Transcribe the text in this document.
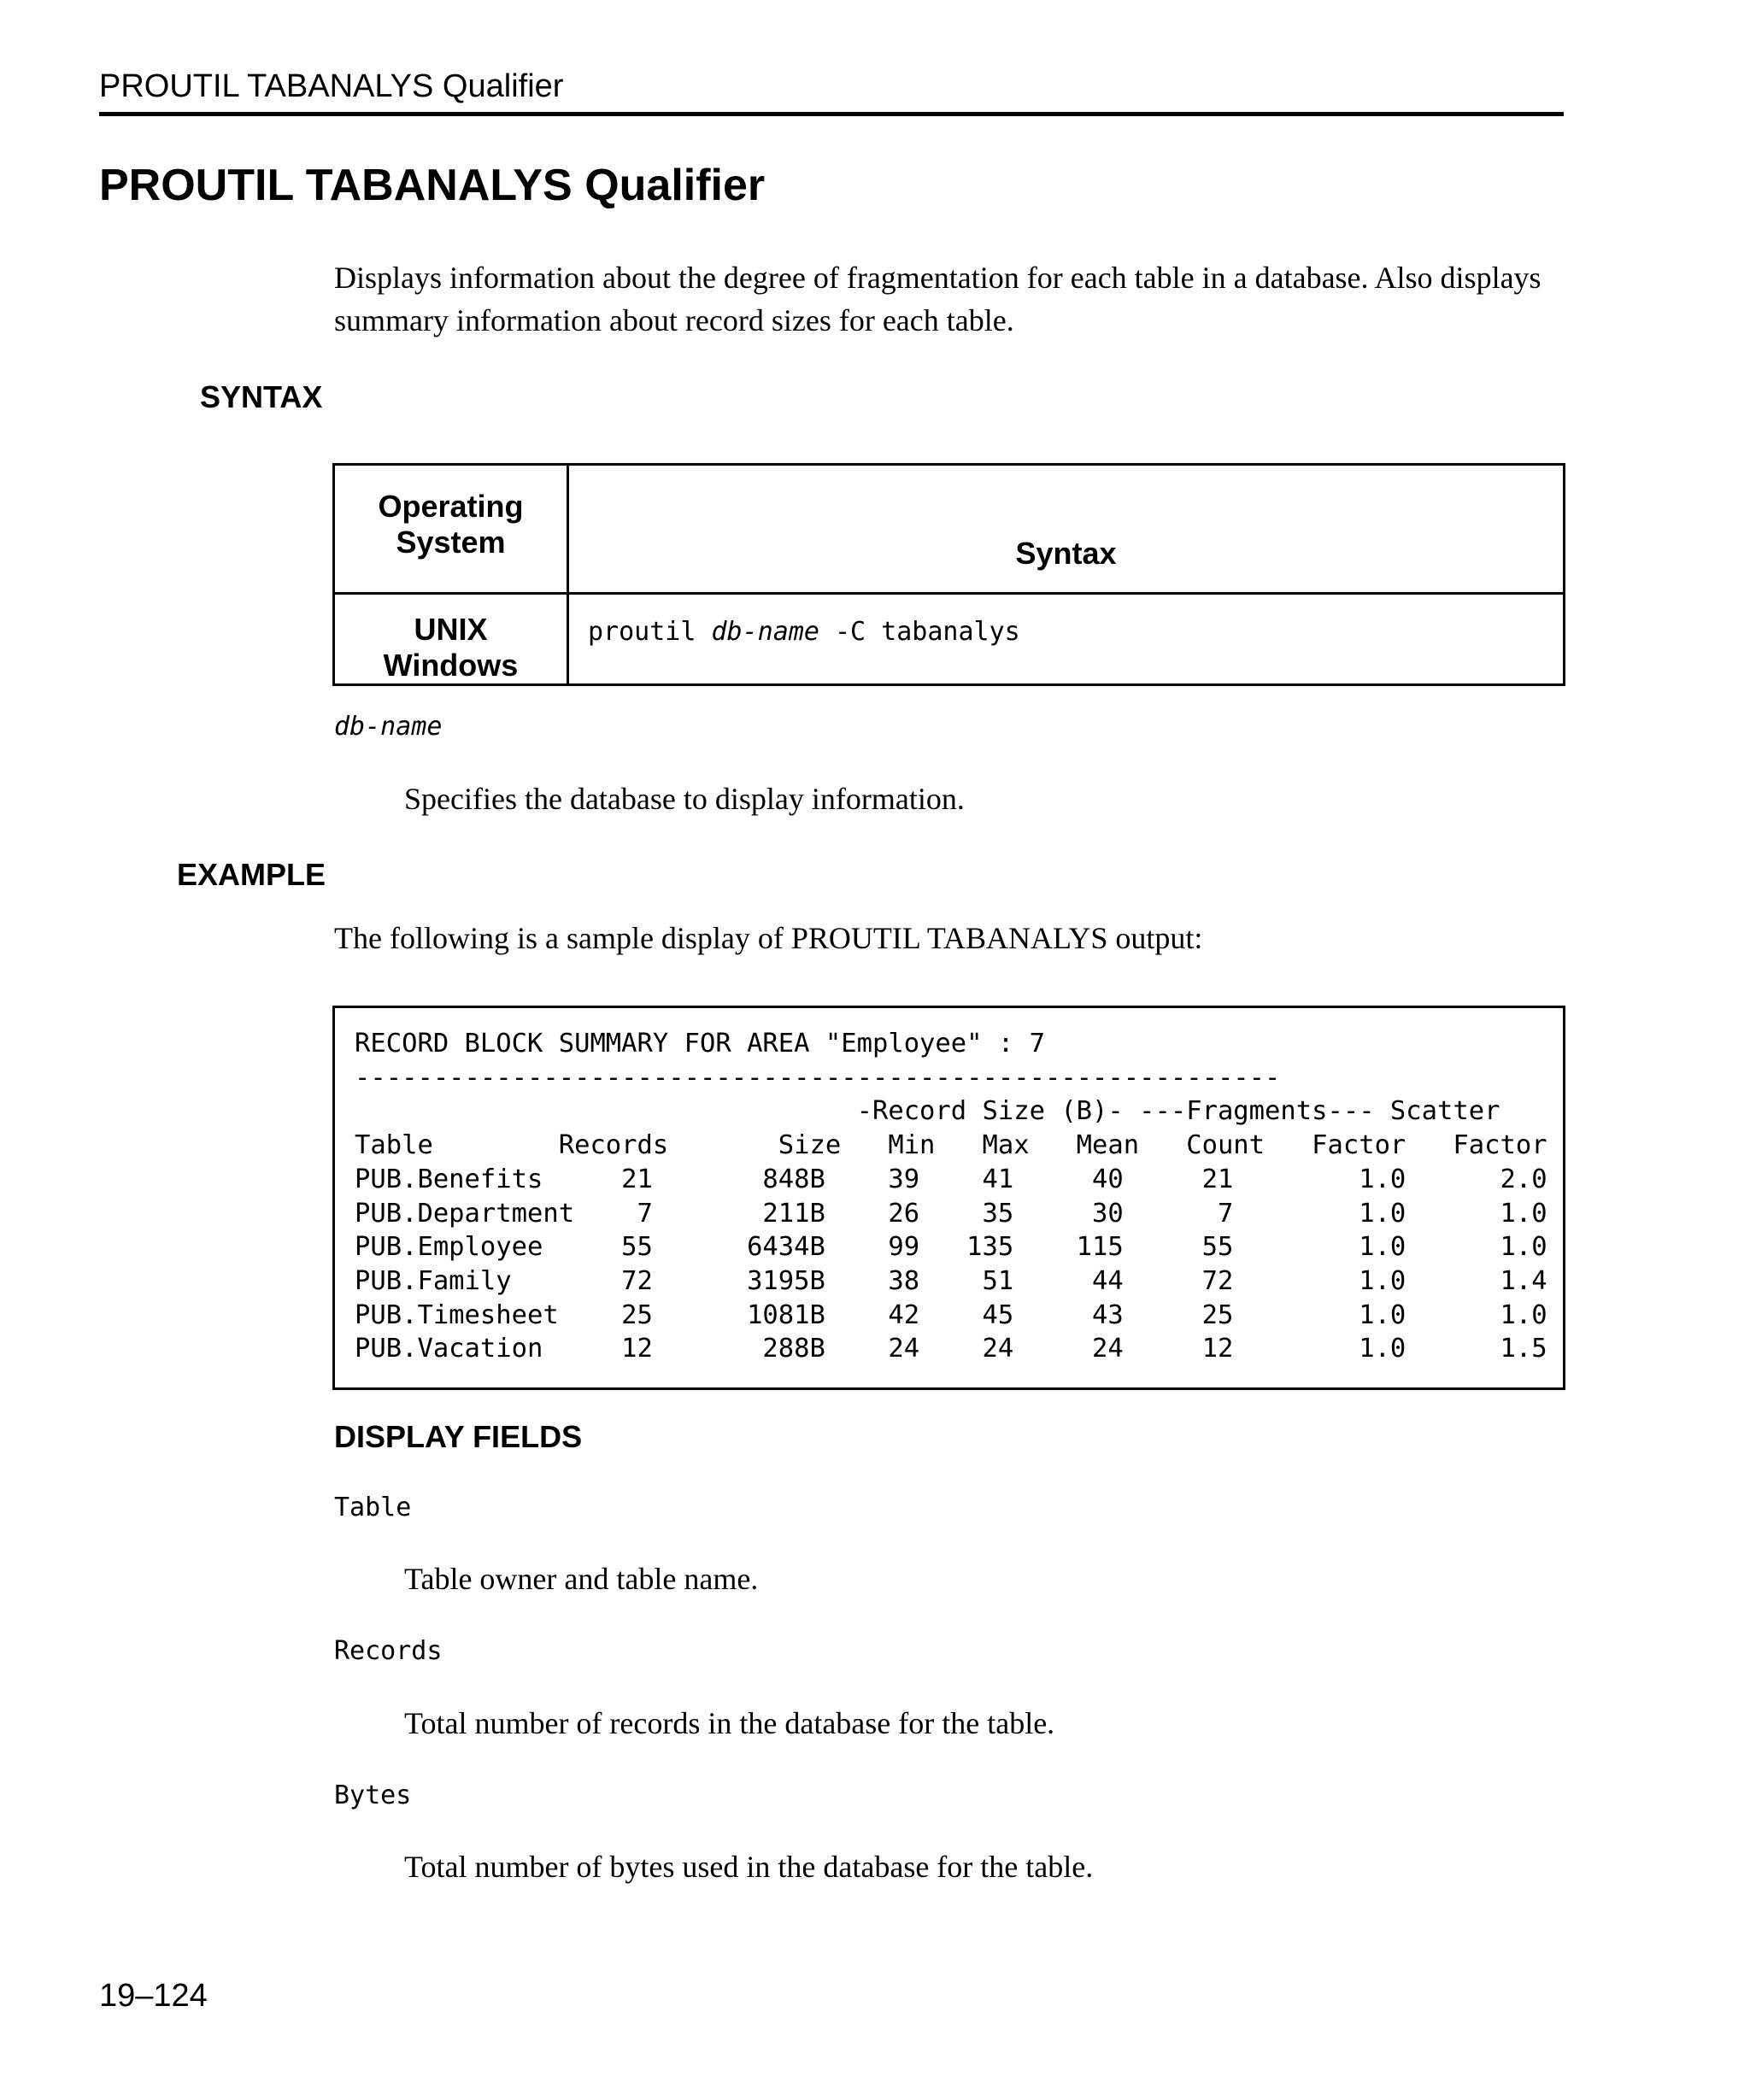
PROUTIL TABANALYS Qualifier
PROUTIL TABANALYS Qualifier

Displays information about the degree of fragmentation for each table in a database. Also displays summary information about record sizes for each table.

SYNTAX
Operating System	Syntax

UNIX
Windows	proutil db-name -C tabanalys
db-name
Specifies the database to display information.
EXAMPLE
The following is a sample display of PROUTIL TABANALYS output:
RECORD BLOCK SUMMARY FOR AREA "Employee" : 7
-----------------------------------------------------------
-Record Size (B)- ---Fragments--- Scatter
Table        Records       Size   Min   Max   Mean   Count   Factor   Factor
PUB.Benefits     21       848B    39    41     40     21        1.0      2.0
PUB.Department    7       211B    26    35     30      7        1.0      1.0
PUB.Employee     55      6434B    99   135    115     55        1.0      1.0
PUB.Family       72      3195B    38    51     44     72        1.0      1.4
PUB.Timesheet    25      1081B    42    45     43     25        1.0      1.0
PUB.Vacation     12       288B    24    24     24     12        1.0      1.5
DISPLAY FIELDS
Table
Table owner and table name.
Records
Total number of records in the database for the table.
Bytes
Total number of bytes used in the database for the table.
19–124
